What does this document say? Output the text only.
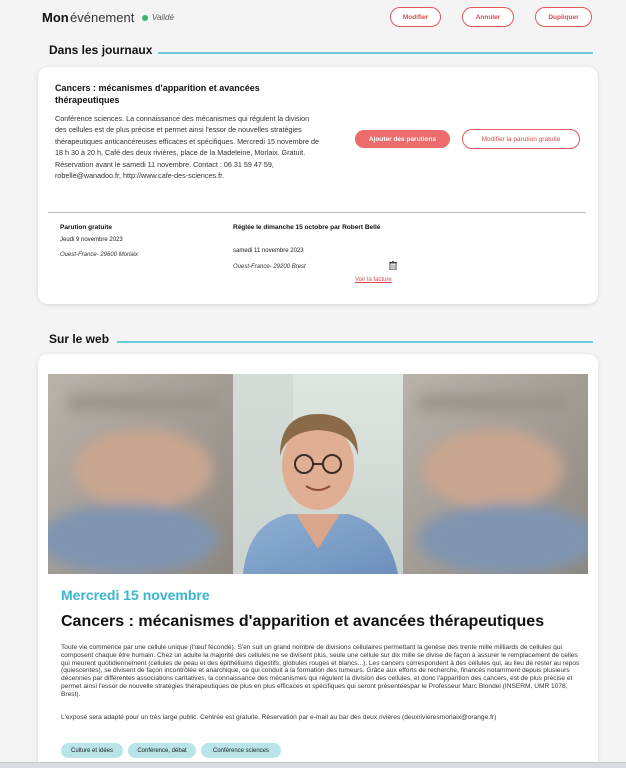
Mon événement Validé	Modifier	Annuler	Dupliquer
Dans les journaux
Cancers : mécanismes d'apparition et avancées thérapeutiques
Conférence sciences. La connaissance des mécanismes qui régulent la division des cellules est de plus précise et permet ainsi l'essor de nouvelles stratégies thérapeutiques anticancéreuses efficaces et spécifiques. Mercredi 15 novembre de 18 h 30 à 20 h, Café des deux rivières, place de la Madeleine, Morlaix. Gratuit. Réservation avant le samedi 11 novembre. Contact : 06 31 59 47 59, robelle@wanadoo.fr, http://www.cafe-des-sciences.fr.
Ajouter des parutions	Modifier la parution gratuite
Parution gratuite
Jeudi 9 novembre 2023
Ouest-France- 29600 Morlaix
Réglée le dimanche 15 octobre par Robert Bellé
samedi 11 novembre 2023
Ouest-France- 29200 Brest
Voir la facture
Sur le web
Mercredi 15 novembre
Cancers : mécanismes d'apparition et avancées thérapeutiques
Toute vie commence par une cellule unique (l'œuf fécondé). S'en suit un grand nombre de divisions cellulaires permettant la genèse des trente mille milliards de cellules qui composent chaque être humain. Chez un adulte la majorité des cellules ne se divisent plus, seule une cellule sur dix mille se divise de façon à assurer le remplacement de celles qui meurent quotidiennement (cellules de peau et des épithéliums digestifs, globules rouges et blancs...). Les cancers correspondent à des cellules qui, au lieu de rester au repos (quiescentes), se divisent de façon incontrôlée et anarchique, ce qui conduit à la formation des tumeurs. Grâce aux efforts de recherche, financés notamment depuis plusieurs décennies par différentes associations caritatives, la connaissance des mécanismes qui régulent la division des cellules, et donc l'apparition des cancers, est de plus précise et permet ainsi l'essor de nouvelle stratégies thérapeutiques de plus en plus efficaces et spécifiques qui seront présentéespar le Professeur Marc Blondel (INSERM, UMR 1078, Brest).
L'exposé sera adapté pour un très large public. Centrée est gratuite. Réservation par e-mail au bar des deux rivières (deuxrivieresmorlaix@orange.fr)
Culture et idées	Conférence, débat	Conférence sciences
